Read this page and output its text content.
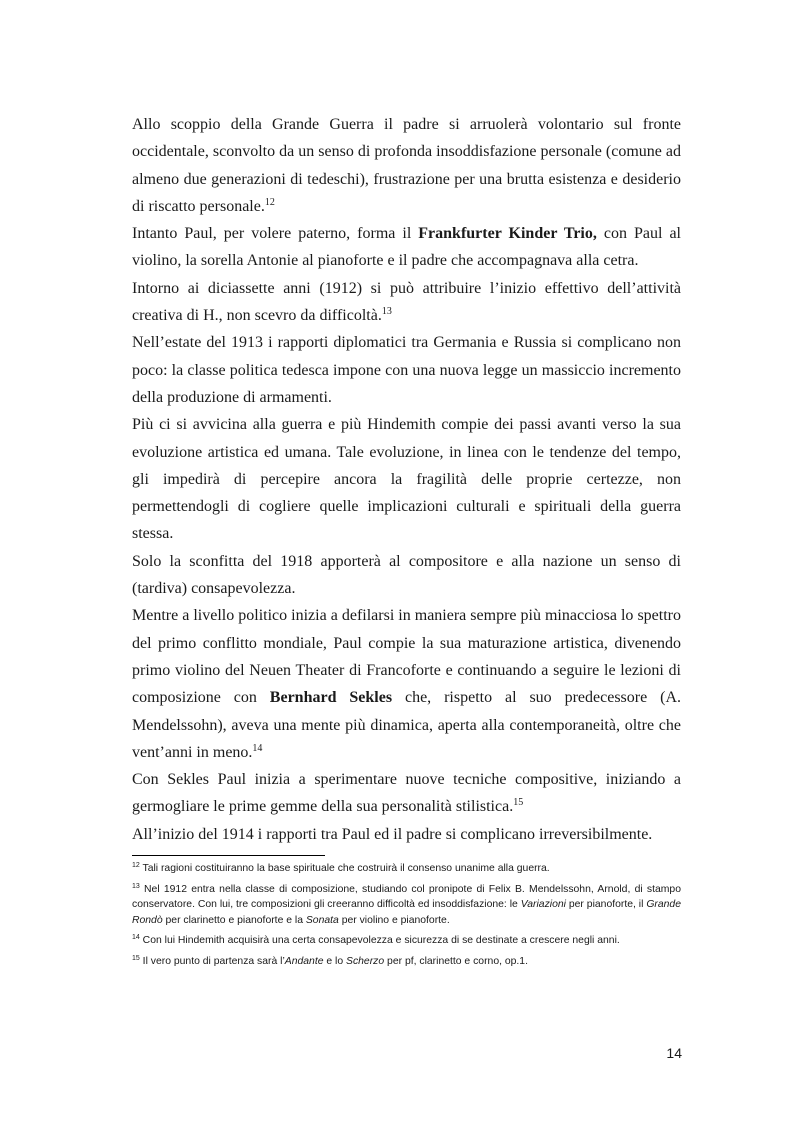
Allo scoppio della Grande Guerra il padre si arruolerà volontario sul fronte occidentale, sconvolto da un senso di profonda insoddisfazione personale (comune ad almeno due generazioni di tedeschi), frustrazione per una brutta esistenza e desiderio di riscatto personale.$^{12}$

Intanto Paul, per volere paterno, forma il Frankfurter Kinder Trio, con Paul al violino, la sorella Antonie al pianoforte e il padre che accompagnava alla cetra.

Intorno ai diciassette anni (1912) si può attribuire l’inizio effettivo dell’attività creativa di H., non scevro da difficoltà.$^{13}$

Nell’estate del 1913 i rapporti diplomatici tra Germania e Russia si complicano non poco: la classe politica tedesca impone con una nuova legge un massiccio incremento della produzione di armamenti.

Più ci si avvicina alla guerra e più Hindemith compie dei passi avanti verso la sua evoluzione artistica ed umana. Tale evoluzione, in linea con le tendenze del tempo, gli impedirà di percepire ancora la fragilità delle proprie certezze, non permettendogli di cogliere quelle implicazioni culturali e spirituali della guerra stessa.

Solo la sconfitta del 1918 apporterà al compositore e alla nazione un senso di (tardiva) consapevolezza.

Mentre a livello politico inizia a defilarsi in maniera sempre più minacciosa lo spettro del primo conflitto mondiale, Paul compie la sua maturazione artistica, divenendo primo violino del Neuen Theater di Francoforte e continuando a seguire le lezioni di composizione con Bernhard Sekles che, rispetto al suo predecessore (A. Mendelssohn), aveva una mente più dinamica, aperta alla contemporaneità, oltre che vent’anni in meno.$^{14}$

Con Sekles Paul inizia a sperimentare nuove tecniche compositive, iniziando a germogliare le prime gemme della sua personalità stilistica.$^{15}$

All’inizio del 1914 i rapporti tra Paul ed il padre si complicano irreversibilmente.

$^{12}$ Tali ragioni costituiranno la base spirituale che costruirà il consenso unanime alla guerra.

$^{13}$ Nel 1912 entra nella classe di composizione, studiando col pronipote di Felix B. Mendelssohn, Arnold, di stampo conservatore. Con lui, tre composizioni gli creeranno difficoltà ed insoddisfazione: le Variazioni per pianoforte, il Grande Rondò per clarinetto e pianoforte e la Sonata per violino e pianoforte.

$^{14}$ Con lui Hindemith acquisirà una certa consapevolezza e sicurezza di se destinate a crescere negli anni.

$^{15}$ Il vero punto di partenza sarà l’Andante e lo Scherzo per pf, clarinetto e corno, op.1.

14
